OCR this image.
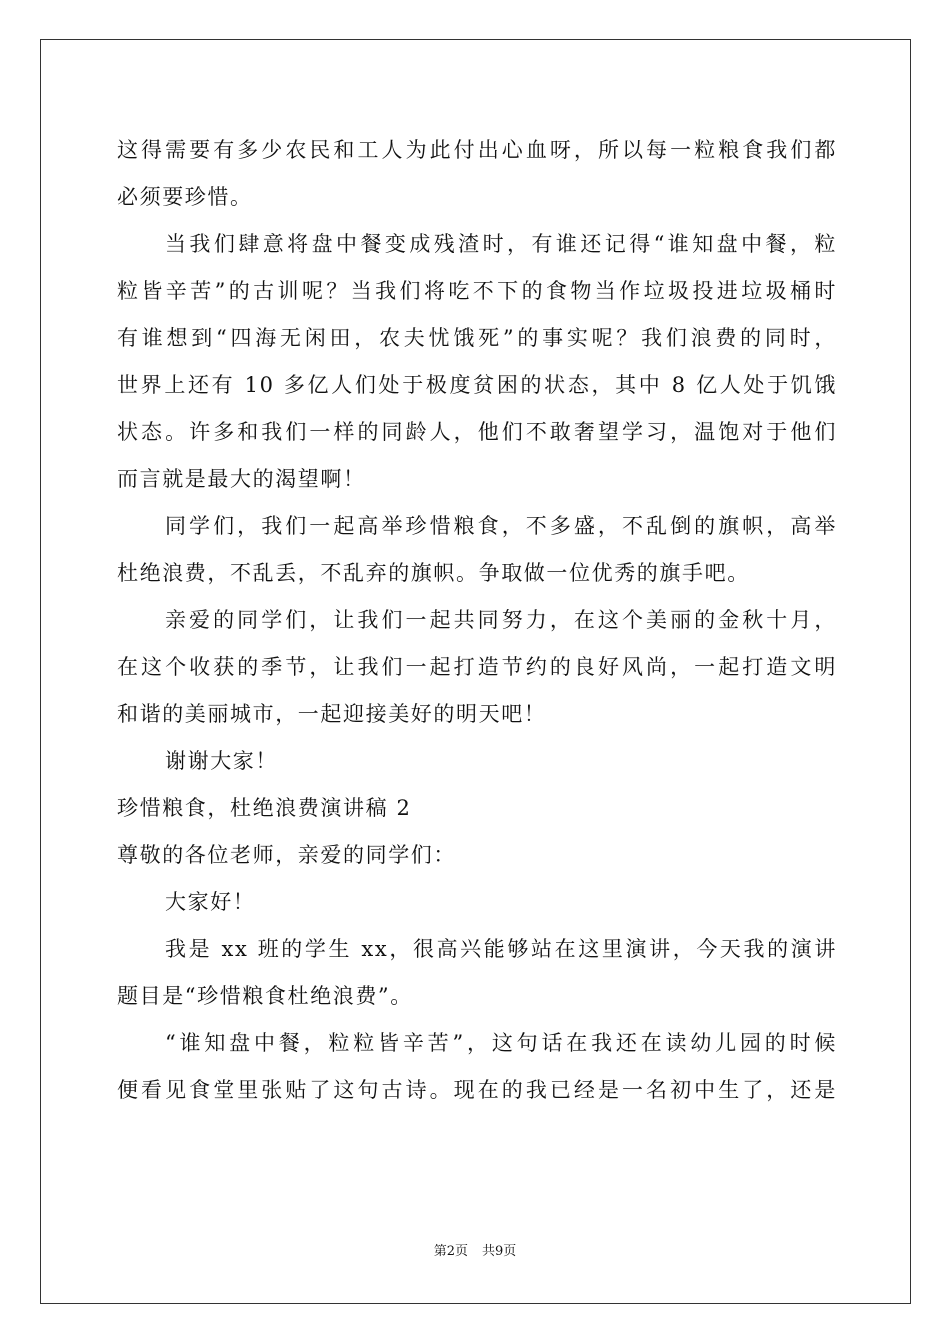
这得需要有多少农民和工人为此付出心血呀，所以每一粒粮食我们都
必须要珍惜。
当我们肆意将盘中餐变成残渣时，有谁还记得“谁知盘中餐，粒
粒皆辛苦”的古训呢？当我们将吃不下的食物当作垃圾投进垃圾桶时
有谁想到“四海无闲田，农夫忧饿死”的事实呢？我们浪费的同时，
世界上还有 10 多亿人们处于极度贫困的状态，其中 8 亿人处于饥饿
状态。许多和我们一样的同龄人，他们不敢奢望学习，温饱对于他们
而言就是最大的渴望啊！
同学们，我们一起高举珍惜粮食，不多盛，不乱倒的旗帜，高举
杜绝浪费，不乱丢，不乱弃的旗帜。争取做一位优秀的旗手吧。
亲爱的同学们，让我们一起共同努力，在这个美丽的金秋十月，
在这个收获的季节，让我们一起打造节约的良好风尚，一起打造文明
和谐的美丽城市，一起迎接美好的明天吧！
谢谢大家！
珍惜粮食，杜绝浪费演讲稿 2
尊敬的各位老师，亲爱的同学们：
大家好！
我是 xx 班的学生 xx，很高兴能够站在这里演讲，今天我的演讲
题目是“珍惜粮食杜绝浪费”。
“谁知盘中餐，粒粒皆辛苦”，这句话在我还在读幼儿园的时候
便看见食堂里张贴了这句古诗。现在的我已经是一名初中生了，还是
第2页 共9页
